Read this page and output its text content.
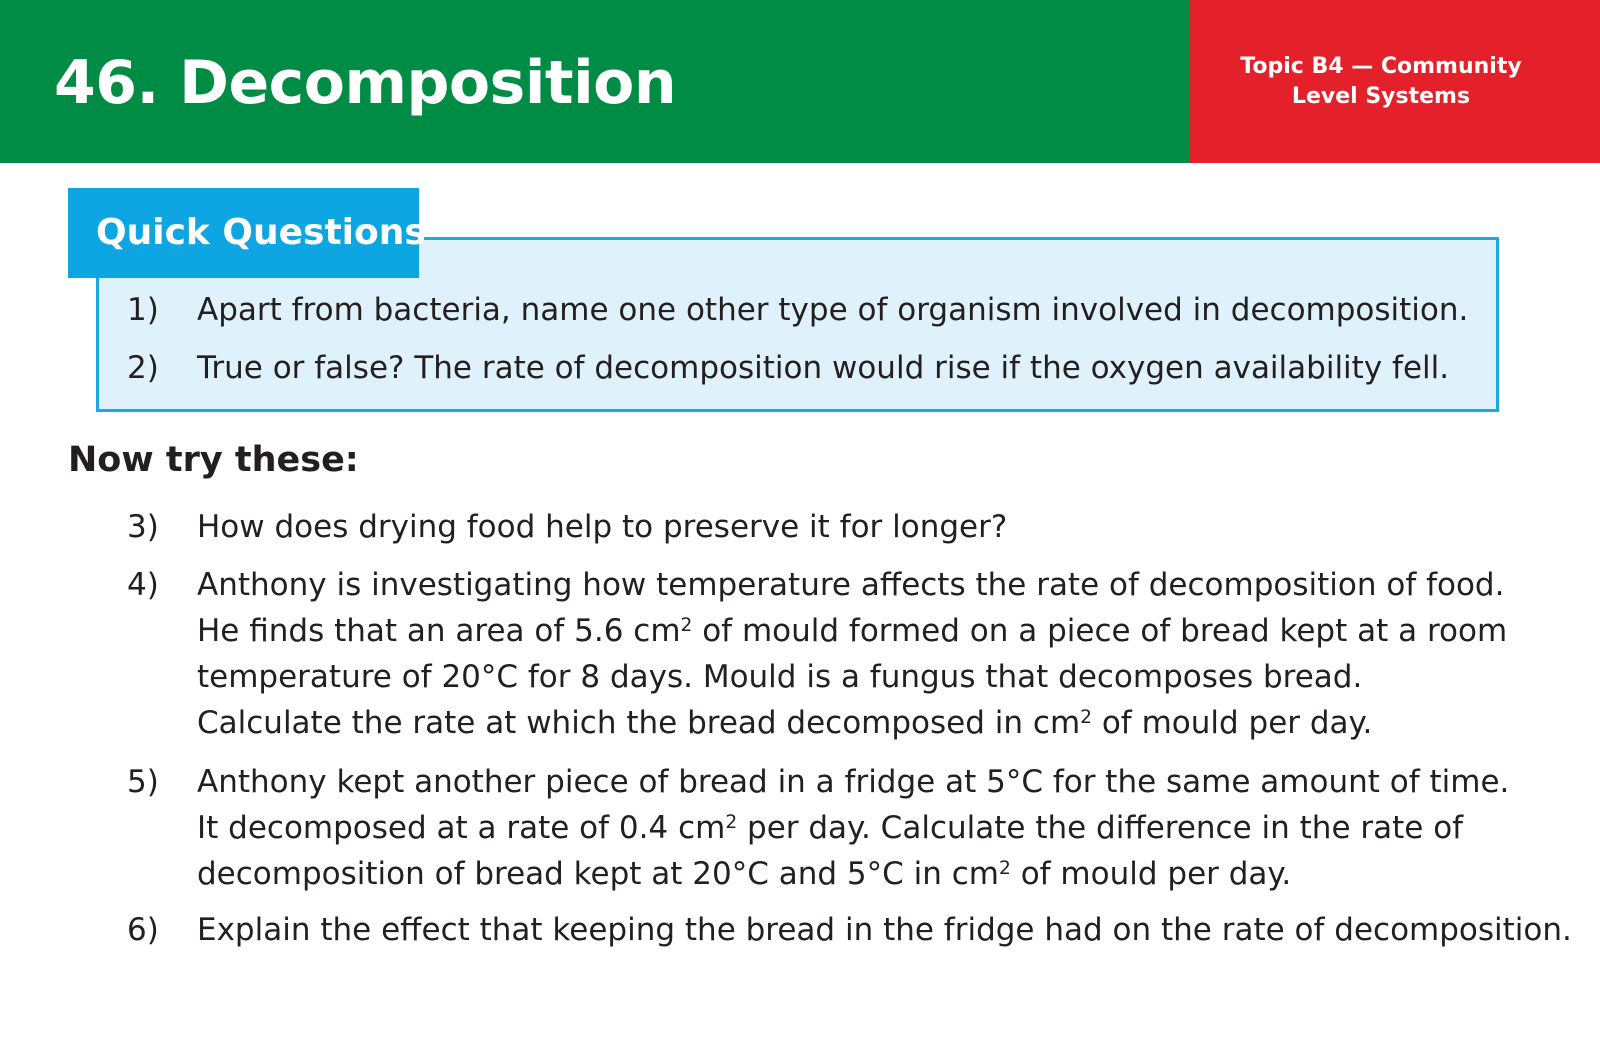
46. Decomposition	Topic B4 — Community
Level Systems
Quick Questions
1)	Apart from bacteria, name one other type of organism involved in decomposition.
2)	True or false? The rate of decomposition would rise if the oxygen availability fell.
Now try these:
3)	How does drying food help to preserve it for longer?
4)	Anthony is investigating how temperature affects the rate of decomposition of food.
He finds that an area of 5.6 $cm^2$ of mould formed on a piece of bread kept at a room
temperature of 20°C for 8 days. Mould is a fungus that decomposes bread.
Calculate the rate at which the bread decomposed in $cm^2$ of mould per day.
5)	Anthony kept another piece of bread in a fridge at 5°C for the same amount of time.
It decomposed at a rate of 0.4 $cm^2$ per day. Calculate the difference in the rate of
decomposition of bread kept at 20°C and 5°C in $cm^2$ of mould per day.
6)	Explain the effect that keeping the bread in the fridge had on the rate of decomposition.
